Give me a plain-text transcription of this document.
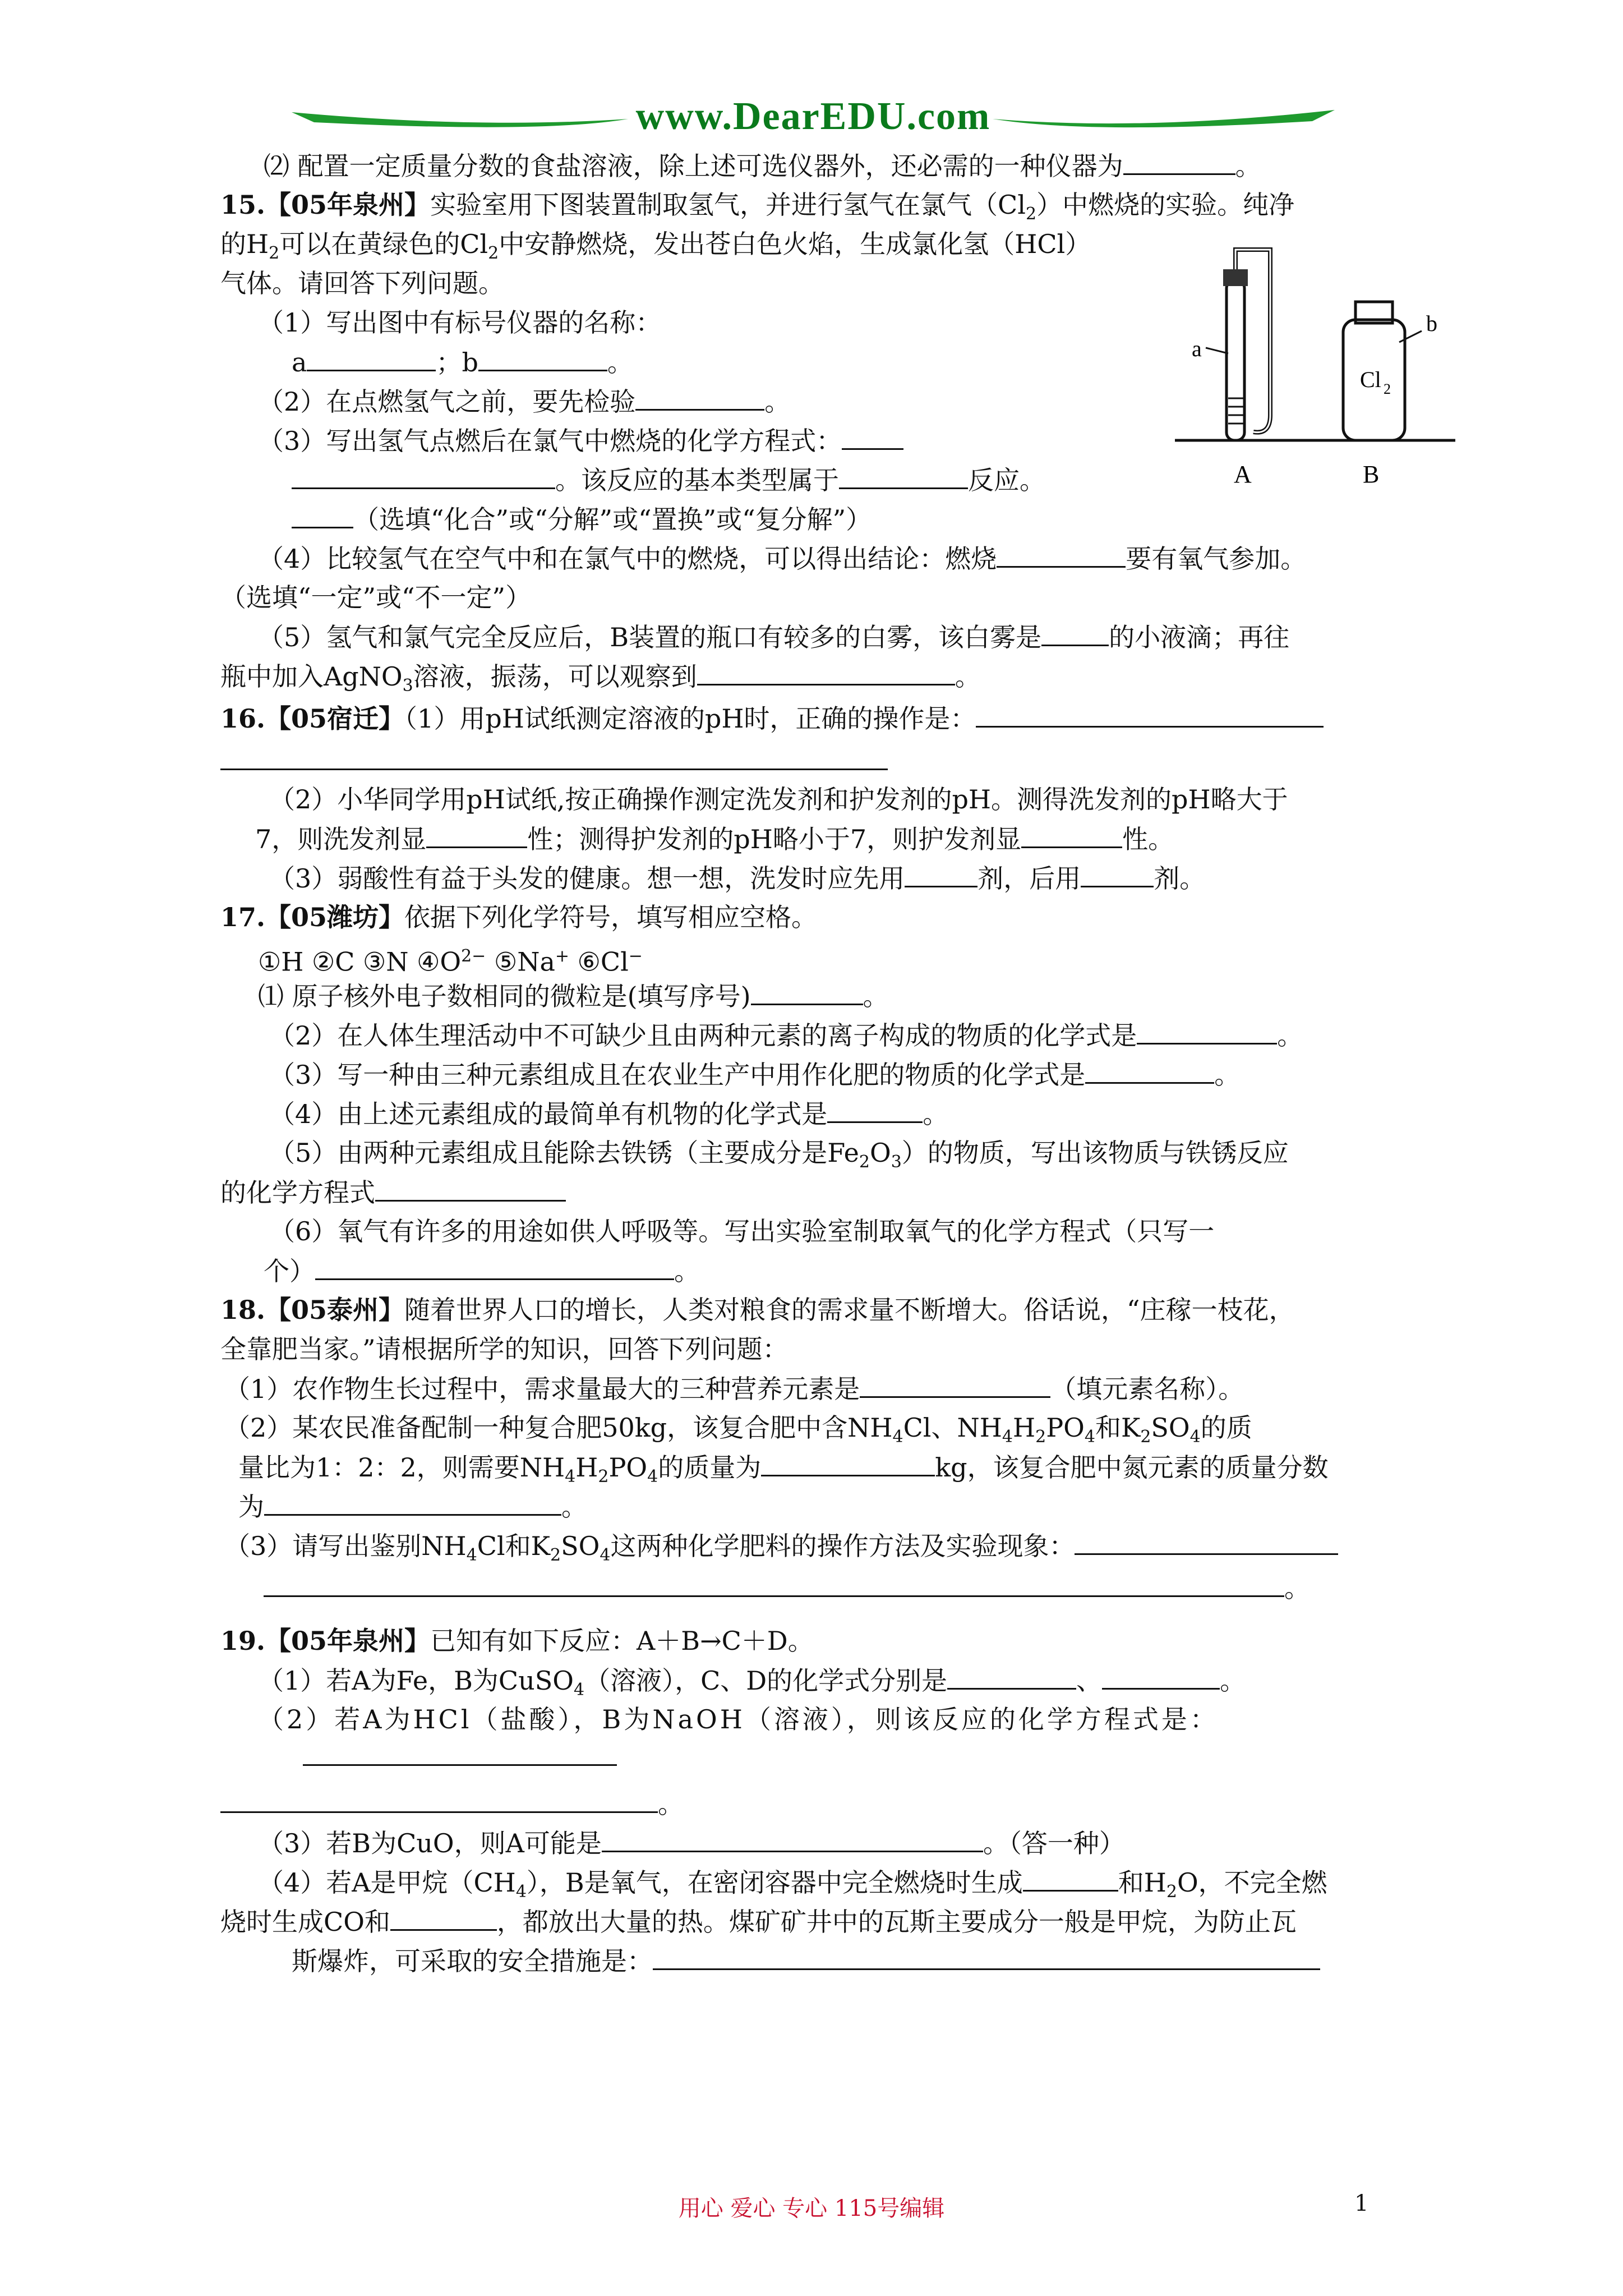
www.DearEDU.com
a
b
Cl 2
A	B
⑵ 配置一定质量分数的食盐溶液，除上述可选仪器外，还必需的一种仪器为	。
15.【05年泉州】实验室用下图装置制取氢气，并进行氢气在氯气$(Cl_2)$中燃烧的实验。纯净
的$H_2$可以在黄绿色的$Cl_2$中安静燃烧，发出苍白色火焰，生成氯化氢（HCl）
气体。请回答下列问题。
（1）写出图中有标号仪器的名称：
a	；b	。
（2）在点燃氢气之前，要先检验	。
（3）写出氢气点燃后在氯气中燃烧的化学方程式：
。该反应的基本类型属于	反应。
（选填“化合”或“分解”或“置换”或“复分解”）
（4）比较氢气在空气中和在氯气中的燃烧，可以得出结论：燃烧	要有氧气参加。
（选填“一定”或“不一定”）
（5）氢气和氯气完全反应后，B装置的瓶口有较多的白雾，该白雾是	的小液滴；再往
瓶中加入AgNO$_3$溶液，振荡，可以观察到	。
16.【05宿迁】（1）用pH试纸测定溶液的pH时，正确的操作是：
（2）小华同学用pH试纸,按正确操作测定洗发剂和护发剂的pH。测得洗发剂的pH略大于
7，则洗发剂显	性；测得护发剂的pH略小于7，则护发剂显	性。
（3）弱酸性有益于头发的健康。想一想，洗发时应先用	剂，后用	剂。
17.【05潍坊】依据下列化学符号，填写相应空格。
①H ②C ③N $④O^{2-}$ ⑤Na+ ⑥Cl−
⑴ 原子核外电子数相同的微粒是(填写序号)	。
（2）在人体生理活动中不可缺少且由两种元素的离子构成的物质的化学式是	。
（3）写一种由三种元素组成且在农业生产中用作化肥的物质的化学式是	。
（4）由上述元素组成的最简单有机物的化学式是	。
（5）由两种元素组成且能除去铁锈（主要成分是$Fe_2O_3$）的物质，写出该物质与铁锈反应
的化学方程式
（6）氧气有许多的用途如供人呼吸等。写出实验室制取氧气的化学方程式（只写一
个）	。
18.【05泰州】随着世界人口的增长，人类对粮食的需求量不断增大。俗话说，“庄稼一枝花，
全靠肥当家。”请根据所学的知识，回答下列问题：
（1）农作物生长过程中，需求量最大的三种营养元素是	（填元素名称）。
（2）某农民准备配制一种复合肥50kg，该复合肥中含$NH_4Cl$、$NH_4H_2PO_4$和$K_2SO_4$的质
量比为1：2：2，则需要$NH_4H_2PO_4$的质量为	kg，该复合肥中氮元素的质量分数
为	。
（3）请写出鉴别$NH_4Cl$和$K_2SO_4$这两种化学肥料的操作方法及实验现象：
。
19.【05年泉州】已知有如下反应：A＋B→C＋D。
（1）若A为Fe，B为CuSO$_4$（溶液），C、D的化学式分别是	、	。
（2）若A为HCl（盐酸），B为NaOH（溶液），则该反应的化学方程式是：
。
（3）若B为CuO，则A可能是	。（答一种）
（4）若A是甲烷$(CH_4)$，B是氧气，在密闭容器中完全燃烧时生成	和$H_2O$，不完全燃
烧时生成CO和	，都放出大量的热。煤矿矿井中的瓦斯主要成分一般是甲烷，为防止瓦
斯爆炸，可采取的安全措施是：
用心 爱心 专心 115号编辑	1
